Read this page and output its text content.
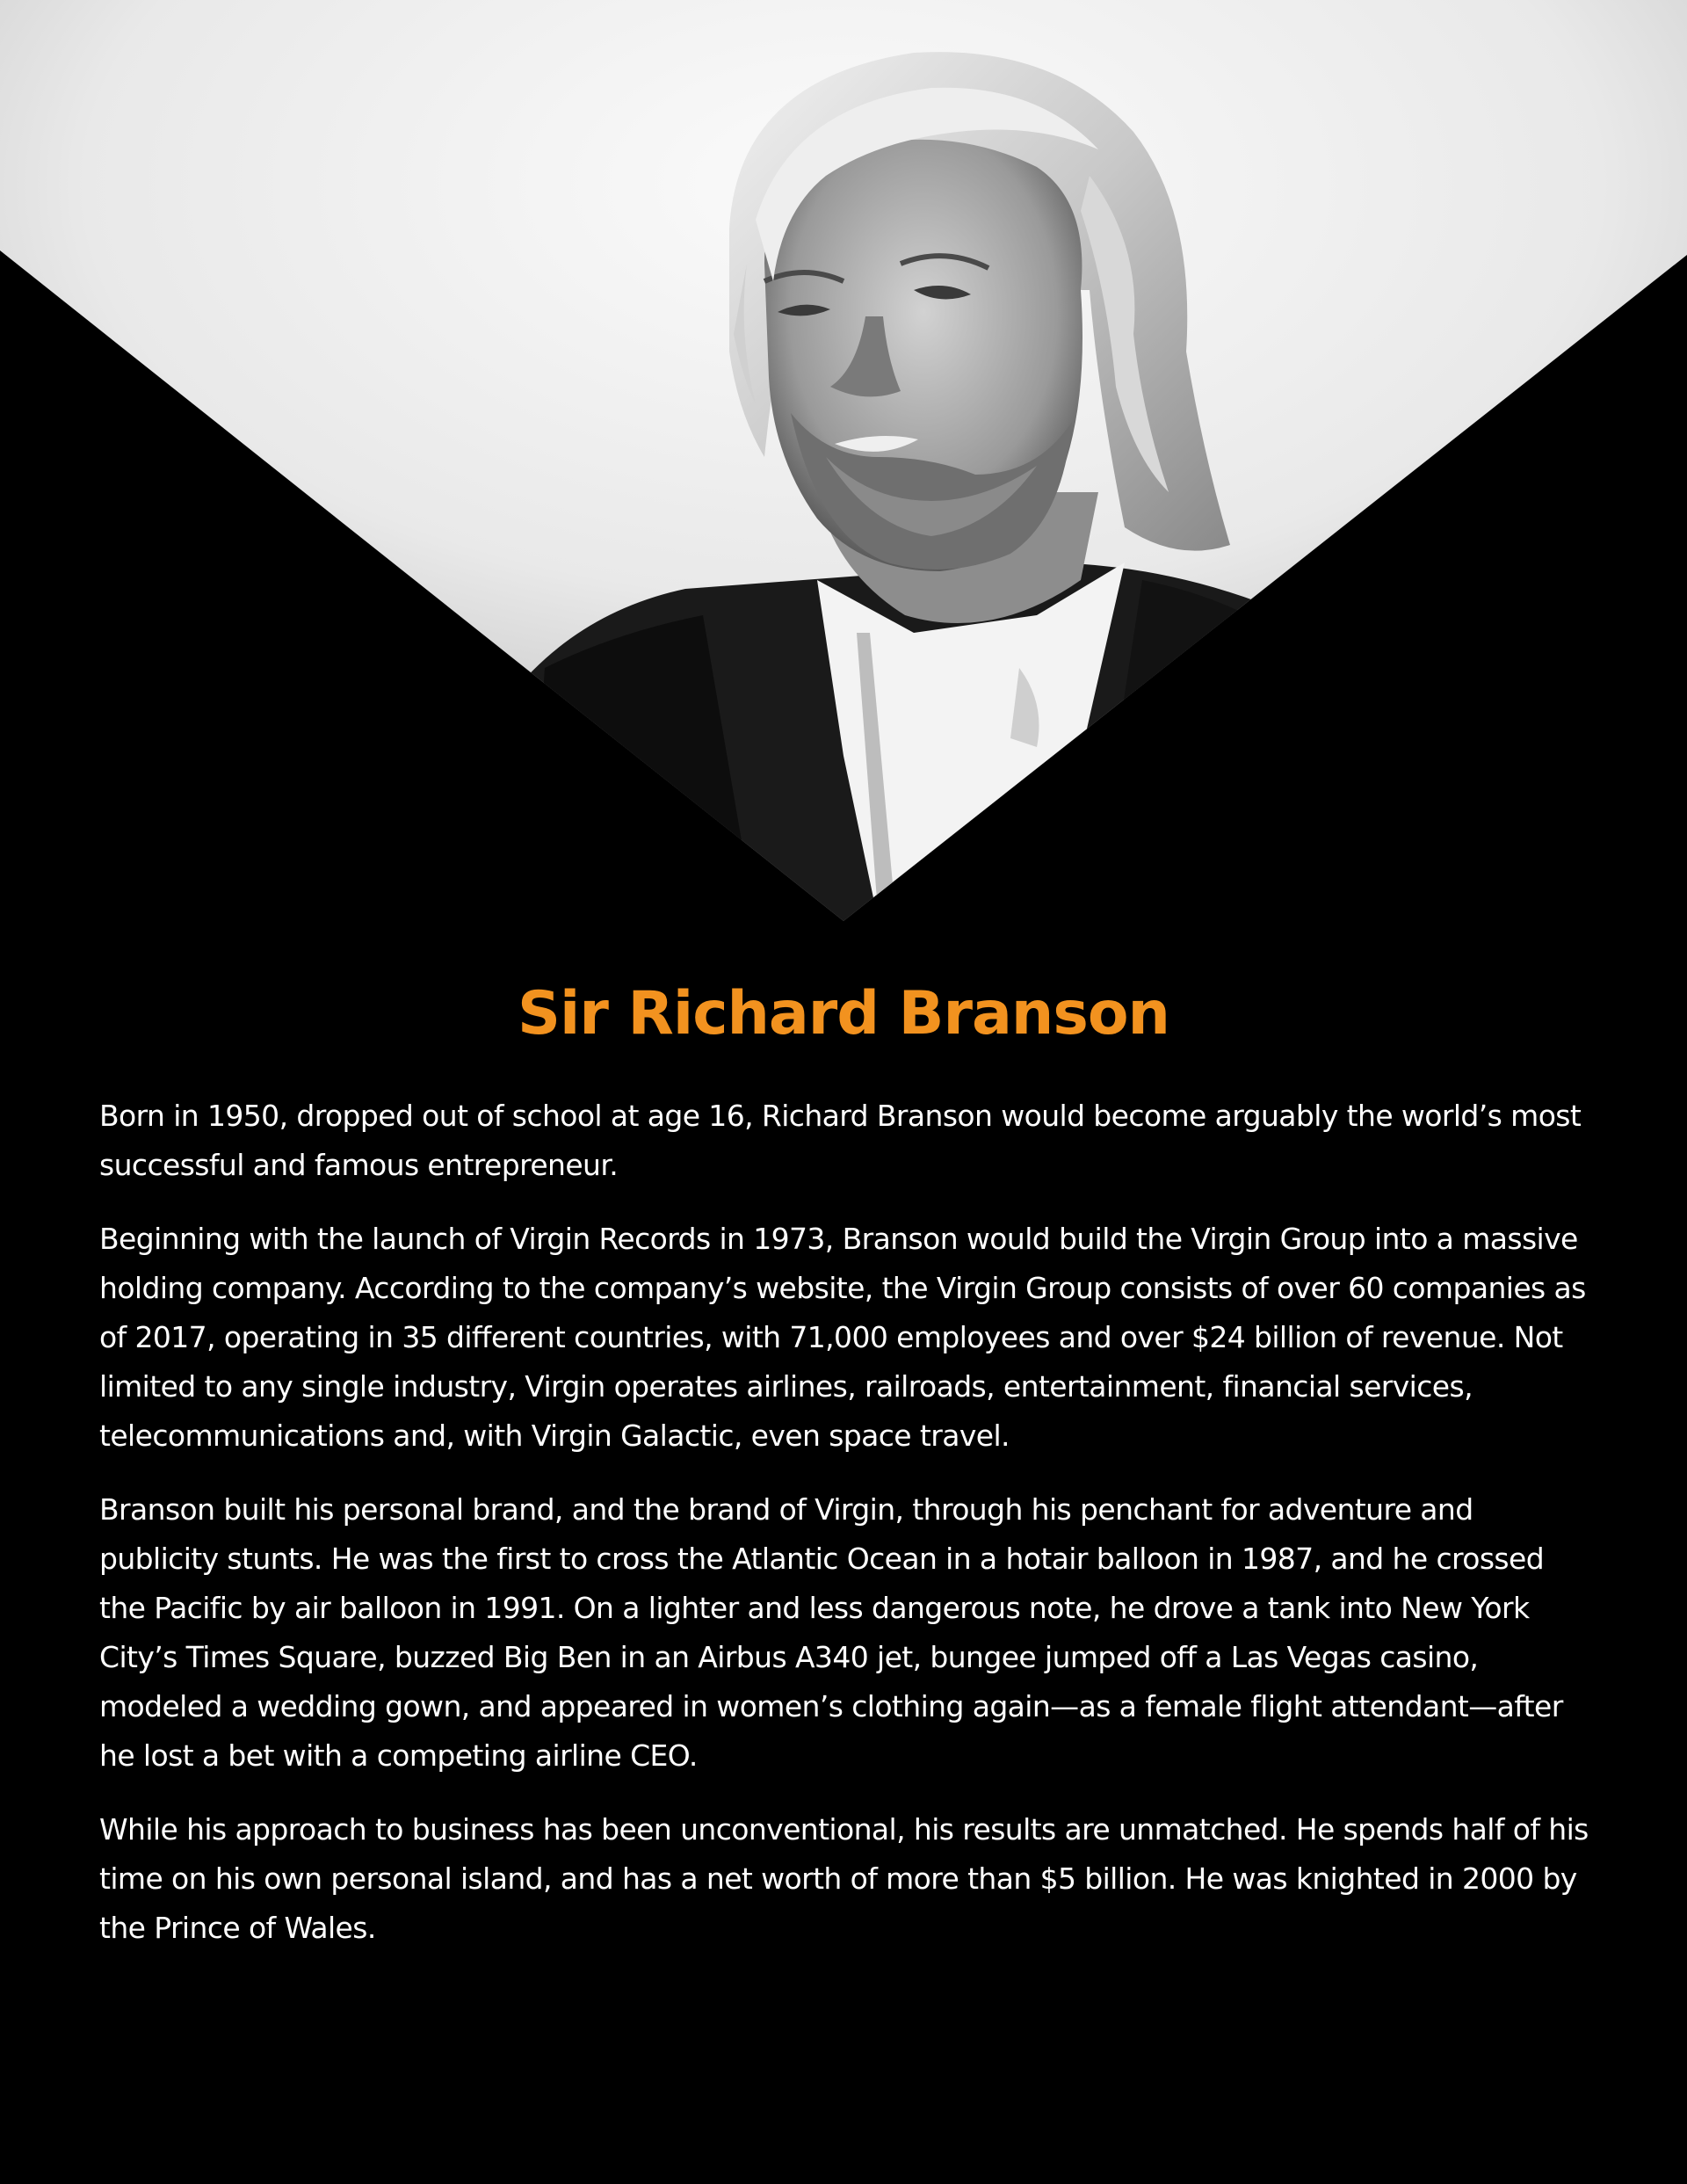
Sir Richard Branson

Born in 1950, dropped out of school at age 16, Richard Branson would become arguably the world’s most successful and famous entrepreneur.

Beginning with the launch of Virgin Records in 1973, Branson would build the Virgin Group into a massive holding company. According to the company’s website, the Virgin Group consists of over 60 companies as of 2017, operating in 35 different countries, with 71,000 employees and over $24 billion of revenue. Not limited to any single industry, Virgin operates airlines, railroads, entertainment, financial services, telecommunications and, with Virgin Galactic, even space travel.

Branson built his personal brand, and the brand of Virgin, through his penchant for adventure and publicity stunts. He was the first to cross the Atlantic Ocean in a hotair balloon in 1987, and he crossed the Pacific by air balloon in 1991. On a lighter and less dangerous note, he drove a tank into New York City’s Times Square, buzzed Big Ben in an Airbus A340 jet, bungee jumped off a Las Vegas casino, modeled a wedding gown, and appeared in women’s clothing again—as a female flight attendant—after he lost a bet with a competing airline CEO.

While his approach to business has been unconventional, his results are unmatched. He spends half of his time on his own personal island, and has a net worth of more than $5 billion. He was knighted in 2000 by the Prince of Wales.
